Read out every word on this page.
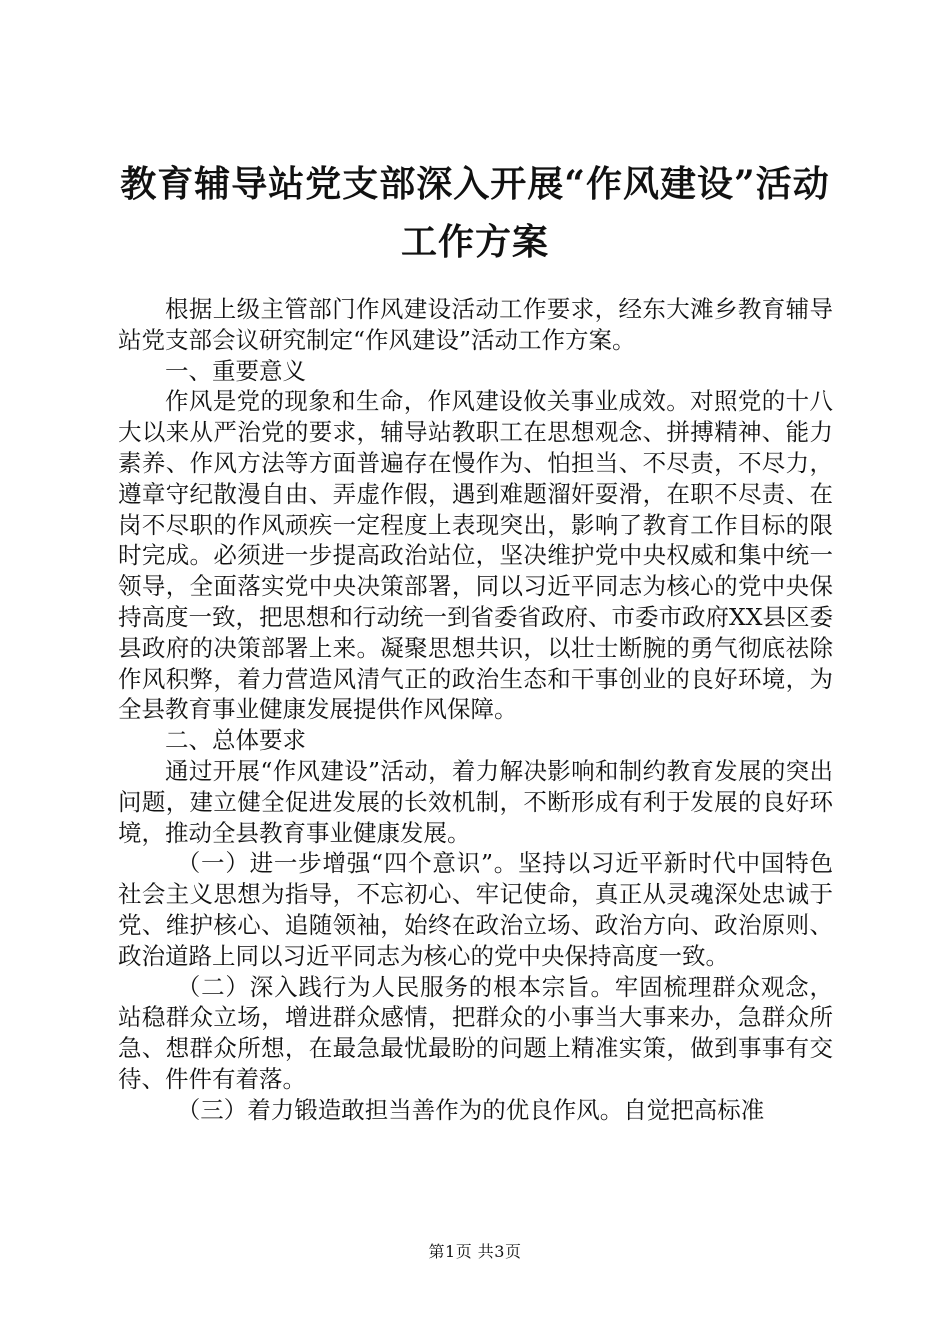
教育辅导站党支部深入开展“作风建设”活动
工作方案

根据上级主管部门作风建设活动工作要求，经东大滩乡教育辅导站党支部会议研究制定“作风建设”活动工作方案。

一、重要意义

作风是党的现象和生命，作风建设攸关事业成效。对照党的十八大以来从严治党的要求，辅导站教职工在思想观念、拼搏精神、能力素养、作风方法等方面普遍存在慢作为、怕担当、不尽责，不尽力，遵章守纪散漫自由、弄虚作假，遇到难题溜奸耍滑，在职不尽责、在岗不尽职的作风顽疾一定程度上表现突出，影响了教育工作目标的限时完成。必须进一步提高政治站位，坚决维护党中央权威和集中统一领导，全面落实党中央决策部署，同以习近平同志为核心的党中央保持高度一致，把思想和行动统一到省委省政府、市委市政府XX县区委县政府的决策部署上来。凝聚思想共识，以壮士断腕的勇气彻底祛除作风积弊，着力营造风清气正的政治生态和干事创业的良好环境，为全县教育事业健康发展提供作风保障。

二、总体要求

通过开展“作风建设”活动，着力解决影响和制约教育发展的突出问题，建立健全促进发展的长效机制，不断形成有利于发展的良好环境，推动全县教育事业健康发展。

（一）进一步增强“四个意识”。坚持以习近平新时代中国特色社会主义思想为指导，不忘初心、牢记使命，真正从灵魂深处忠诚于党、维护核心、追随领袖，始终在政治立场、政治方向、政治原则、政治道路上同以习近平同志为核心的党中央保持高度一致。

（二）深入践行为人民服务的根本宗旨。牢固梳理群众观念，站稳群众立场，增进群众感情，把群众的小事当大事来办，急群众所急、想群众所想，在最急最忧最盼的问题上精准实策，做到事事有交待、件件有着落。

（三）着力锻造敢担当善作为的优良作风。自觉把高标准

第1页 共3页
